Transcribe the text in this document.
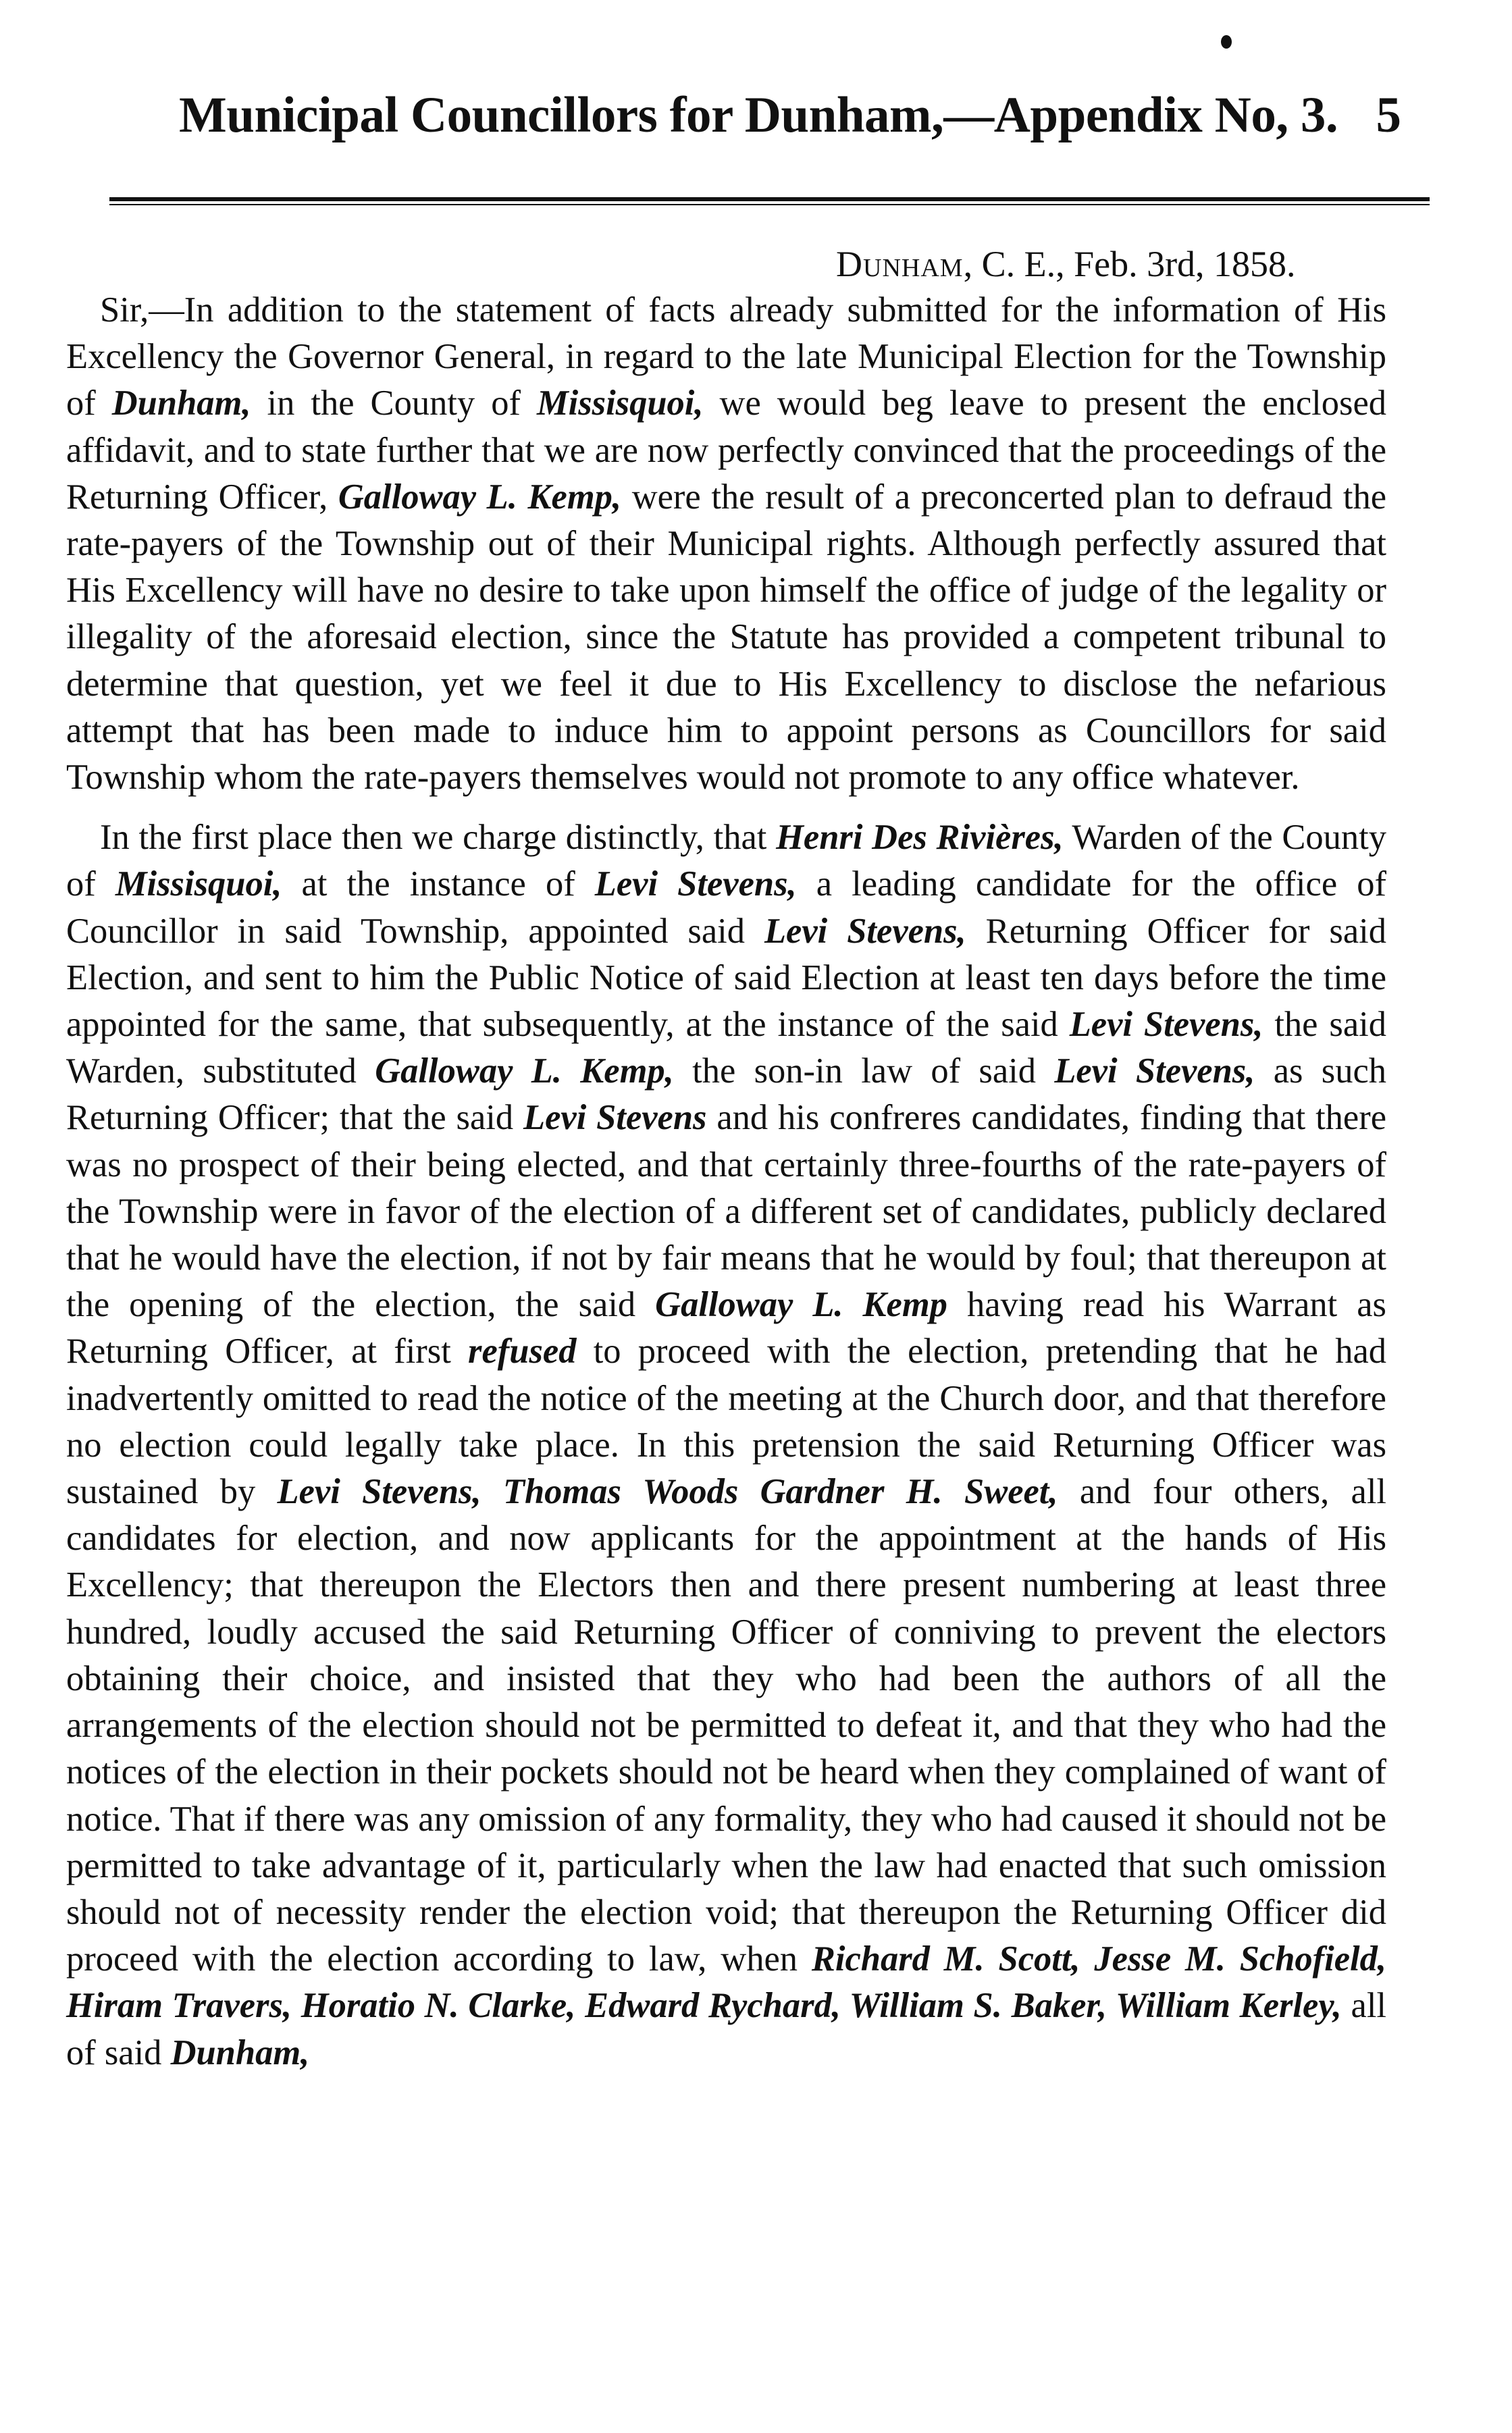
Municipal Councillors for Dunham,—Appendix No, 3. 5
Dunham, C. E., Feb. 3rd, 1858.

Sir,—In addition to the statement of facts already submitted for the information of His Excellency the Governor General, in regard to the late Municipal Election for the Township of Dunham, in the County of Missisquoi, we would beg leave to present the enclosed affidavit, and to state further that we are now perfectly convinced that the proceedings of the Returning Officer, Galloway L. Kemp, were the result of a preconcerted plan to defraud the rate-payers of the Township out of their Municipal rights. Although perfectly assured that His Excellency will have no desire to take upon himself the office of judge of the legality or illegality of the aforesaid election, since the Statute has provided a competent tribunal to determine that question, yet we feel it due to His Excellency to disclose the nefarious attempt that has been made to induce him to appoint persons as Councillors for said Township whom the rate-payers themselves would not promote to any office whatever.

In the first place then we charge distinctly, that Henri Des Rivières, Warden of the County of Missisquoi, at the instance of Levi Stevens, a leading candidate for the office of Councillor in said Township, appointed said Levi Stevens, Returning Officer for said Election, and sent to him the Public Notice of said Election at least ten days before the time appointed for the same, that subsequently, at the instance of the said Levi Stevens, the said Warden, substituted Galloway L. Kemp, the son-in law of said Levi Stevens, as such Returning Officer; that the said Levi Stevens and his confreres candidates, finding that there was no prospect of their being elected, and that certainly three-fourths of the rate-payers of the Township were in favor of the election of a different set of candidates, publicly declared that he would have the election, if not by fair means that he would by foul; that thereupon at the opening of the election, the said Galloway L. Kemp having read his Warrant as Returning Officer, at first refused to proceed with the election, pretending that he had inadvertently omitted to read the notice of the meeting at the Church door, and that therefore no election could legally take place. In this pretension the said Returning Officer was sustained by Levi Stevens, Thomas Woods Gardner H. Sweet, and four others, all candidates for election, and now applicants for the appointment at the hands of His Excellency; that thereupon the Electors then and there present numbering at least three hundred, loudly accused the said Returning Officer of conniving to prevent the electors obtaining their choice, and insisted that they who had been the authors of all the arrangements of the election should not be permitted to defeat it, and that they who had the notices of the election in their pockets should not be heard when they complained of want of notice. That if there was any omission of any formality, they who had caused it should not be permitted to take advantage of it, particularly when the law had enacted that such omission should not of necessity render the election void; that thereupon the Returning Officer did proceed with the election according to law, when Richard M. Scott, Jesse M. Schofield, Hiram Travers, Horatio N. Clarke, Edward Rychard, William S. Baker, William Kerley, all of said Dunham,
